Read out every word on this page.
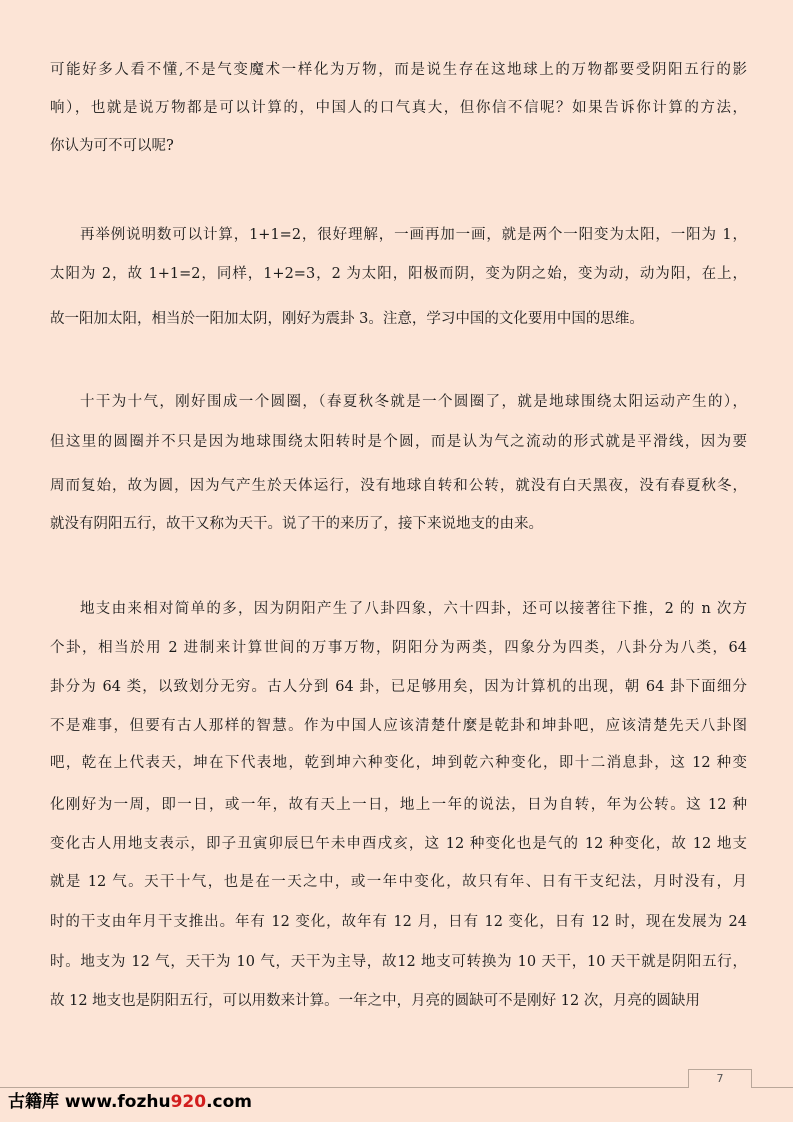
可能好多人看不懂,不是气变魔术一样化为万物，而是说生存在这地球上的万物都要受阴阳五行的影
响），也就是说万物都是可以计算的，中国人的口气真大，但你信不信呢？如果告诉你计算的方法，
你认为可不可以呢?
再举例说明数可以计算，1+1=2，很好理解，一画再加一画，就是两个一阳变为太阳，一阳为 1，
太阳为 2，故 1+1=2，同样，1+2=3，2 为太阳，阳极而阴，变为阴之始，变为动，动为阳，在上，
故一阳加太阳，相当於一阳加太阴，刚好为震卦 3。注意，学习中国的文化要用中国的思维。
十干为十气，刚好围成一个圆圈，（春夏秋冬就是一个圆圈了，就是地球围绕太阳运动产生的），
但这里的圆圈并不只是因为地球围绕太阳转时是个圆，而是认为气之流动的形式就是平滑线，因为要
周而复始，故为圆，因为气产生於天体运行，没有地球自转和公转，就没有白天黑夜，没有春夏秋冬，
就没有阴阳五行，故干又称为天干。说了干的来历了，接下来说地支的由来。
地支由来相对简单的多，因为阴阳产生了八卦四象，六十四卦，还可以接著往下推，2 的 n 次方
个卦，相当於用 2 进制来计算世间的万事万物，阴阳分为两类，四象分为四类，八卦分为八类，64
卦分为 64 类，以致划分无穷。古人分到 64 卦，已足够用矣，因为计算机的出现，朝 64 卦下面细分
不是难事，但要有古人那样的智慧。作为中国人应该清楚什麼是乾卦和坤卦吧，应该清楚先天八卦图
吧，乾在上代表天，坤在下代表地，乾到坤六种变化，坤到乾六种变化，即十二消息卦，这 12 种变
化刚好为一周，即一日，或一年，故有天上一日，地上一年的说法，日为自转，年为公转。这 12 种
变化古人用地支表示，即子丑寅卯辰巳午未申酉戌亥，这 12 种变化也是气的 12 种变化，故 12 地支
就是 12 气。天干十气，也是在一天之中，或一年中变化，故只有年、日有干支纪法，月时没有，月
时的干支由年月干支推出。年有 12 变化，故年有 12 月，日有 12 变化，日有 12 时，现在发展为 24
时。地支为 12 气，天干为 10 气，天干为主导，故12 地支可转换为 10 天干，10 天干就是阴阳五行，
故 12 地支也是阴阳五行，可以用数来计算。一年之中，月亮的圆缺可不是刚好 12 次，月亮的圆缺用
7
古籍库 www.fozhu920.com
